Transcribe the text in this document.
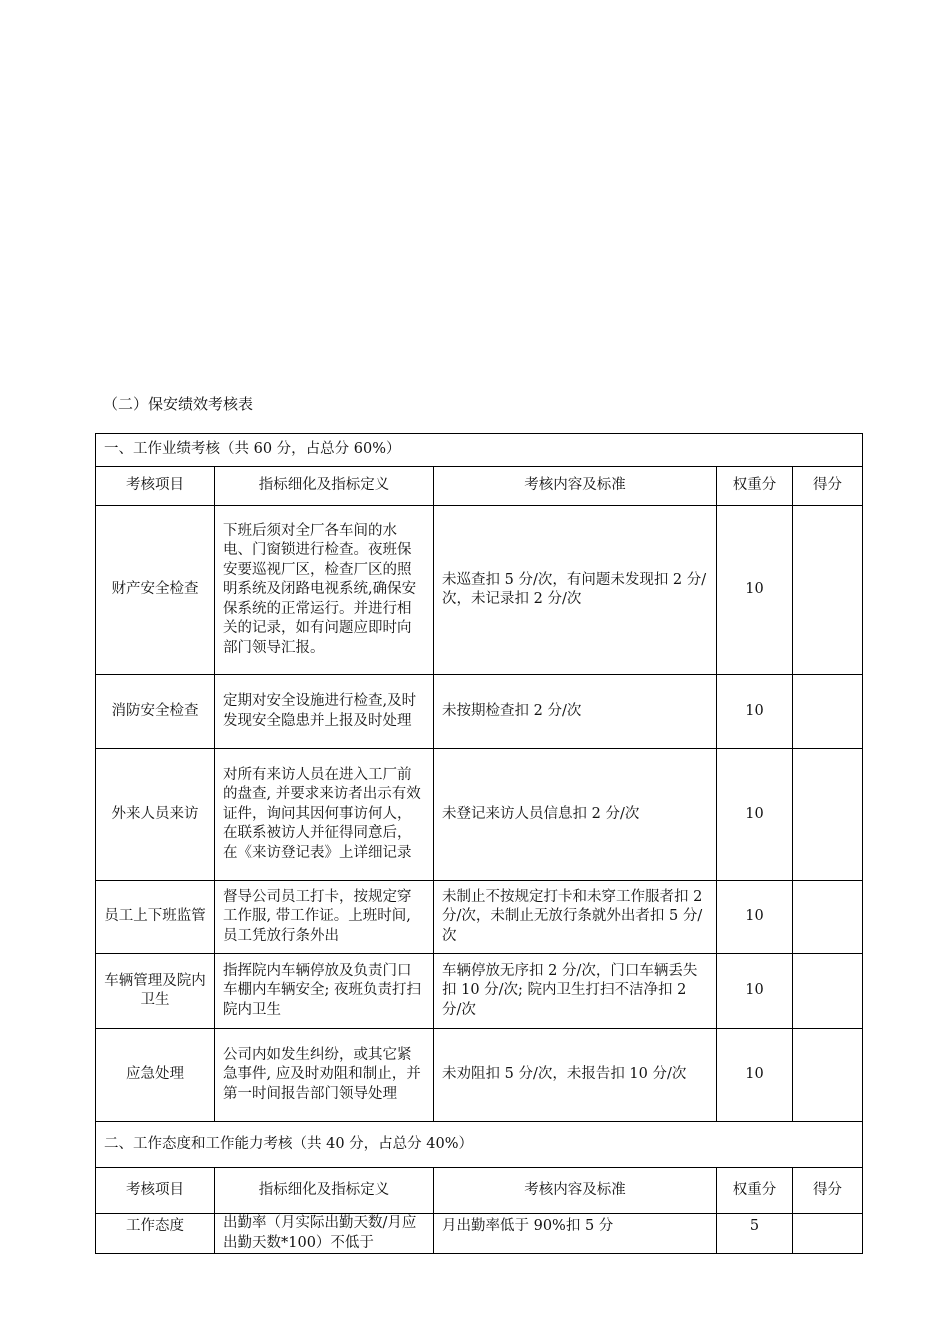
（二）保安绩效考核表
一、工作业绩考核（共 60 分，占总分 60%）				
考核项目	指标细化及指标定义	考核内容及标准	权重分	得分
财产安全检查	下班后须对全厂各车间的水电、门窗锁进行检查。夜班保安要巡视厂区，检查厂区的照明系统及闭路电视系统,确保安保系统的正常运行。并进行相关的记录，如有问题应即时向部门领导汇报。	未巡查扣 5 分/次，有问题未发现扣 2 分/次，未记录扣 2 分/次	10	
消防安全检查	定期对安全设施进行检查,及时发现安全隐患并上报及时处理	未按期检查扣 2 分/次	10	
外来人员来访	对所有来访人员在进入工厂前的盘查, 并要求来访者出示有效证件，询问其因何事访何人，在联系被访人并征得同意后，在《来访登记表》上详细记录	未登记来访人员信息扣 2 分/次	10	
员工上下班监管	督导公司员工打卡，按规定穿工作服, 带工作证。上班时间, 员工凭放行条外出	未制止不按规定打卡和未穿工作服者扣 2 分/次，未制止无放行条就外出者扣 5 分/次	10	
车辆管理及院内卫生	指挥院内车辆停放及负责门口车棚内车辆安全; 夜班负责打扫院内卫生	车辆停放无序扣 2 分/次，门口车辆丢失扣 10 分/次; 院内卫生打扫不洁净扣 2 分/次	10	
应急处理	公司内如发生纠纷，或其它紧急事件, 应及时劝阻和制止，并第一时间报告部门领导处理	未劝阻扣 5 分/次，未报告扣 10 分/次	10	
二、工作态度和工作能力考核（共 40 分，占总分 40%）				
考核项目	指标细化及指标定义	考核内容及标准	权重分	得分
工作态度	出勤率（月实际出勤天数/月应出勤天数*100）不低于	月出勤率低于 90%扣 5 分	5	
